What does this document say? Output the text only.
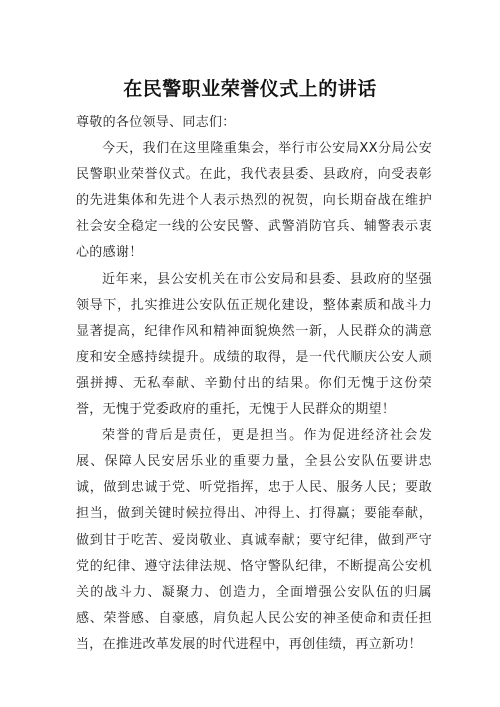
在民警职业荣誉仪式上的讲话

尊敬的各位领导、同志们：

今天，我们在这里隆重集会，举行市公安局XX分局公安民警职业荣誉仪式。在此，我代表县委、县政府，向受表彰的先进集体和先进个人表示热烈的祝贺，向长期奋战在维护社会安全稳定一线的公安民警、武警消防官兵、辅警表示衷心的感谢！

近年来，县公安机关在市公安局和县委、县政府的坚强领导下，扎实推进公安队伍正规化建设，整体素质和战斗力显著提高，纪律作风和精神面貌焕然一新，人民群众的满意度和安全感持续提升。成绩的取得，是一代代顺庆公安人顽强拼搏、无私奉献、辛勤付出的结果。你们无愧于这份荣誉，无愧于党委政府的重托，无愧于人民群众的期望！

荣誉的背后是责任，更是担当。作为促进经济社会发展、保障人民安居乐业的重要力量，全县公安队伍要讲忠诚，做到忠诚于党、听党指挥，忠于人民、服务人民；要敢担当，做到关键时候拉得出、冲得上、打得赢；要能奉献，做到甘于吃苦、爱岗敬业、真诚奉献；要守纪律，做到严守党的纪律、遵守法律法规、恪守警队纪律，不断提高公安机关的战斗力、凝聚力、创造力，全面增强公安队伍的归属感、荣誉感、自豪感，肩负起人民公安的神圣使命和责任担当，在推进改革发展的时代进程中，再创佳绩，再立新功！
